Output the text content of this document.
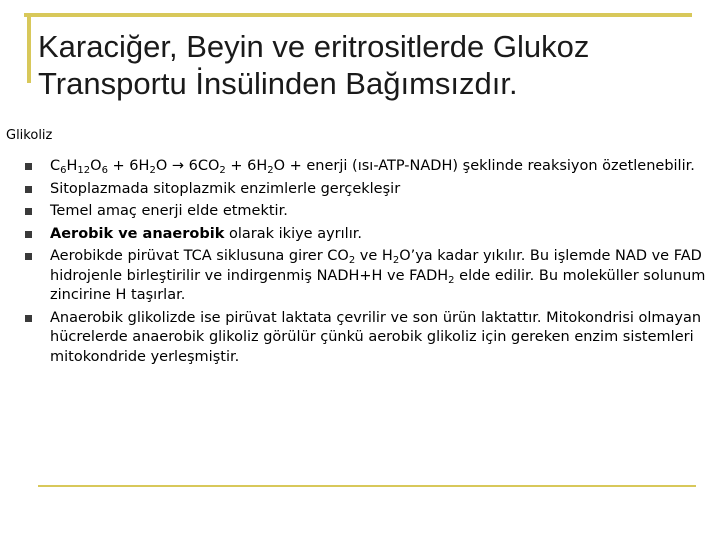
Karaciğer, Beyin ve eritrositlerde Glukoz Transportu İnsülinden Bağımsızdır.
Glikoliz
$C_6H_{12}O_6 + 6H_2O \to 6CO_2 + 6H_2O$ + enerji (ısı-ATP-NADH) şeklinde reaksiyon özetlenebilir.
Sitoplazmada sitoplazmik enzimlerle gerçekleşir
Temel amaç enerji elde etmektir.
Aerobik ve anaerobik olarak ikiye ayrılır.
Aerobikde pirüvat TCA siklusuna girer $CO_2$ ve $H_2O’ya$ kadar yıkılır. Bu işlemde NAD ve FAD hidrojenle birleştirilir ve indirgenmiş NADH+H ve $FADH_2$ elde edilir. Bu moleküller solunum zincirine H taşırlar.
Anaerobik glikolizde ise pirüvat laktata çevrilir ve son ürün laktattır. Mitokondrisi olmayan hücrelerde anaerobik glikoliz görülür çünkü aerobik glikoliz için gereken enzim sistemleri mitokondride yerleşmiştir.
